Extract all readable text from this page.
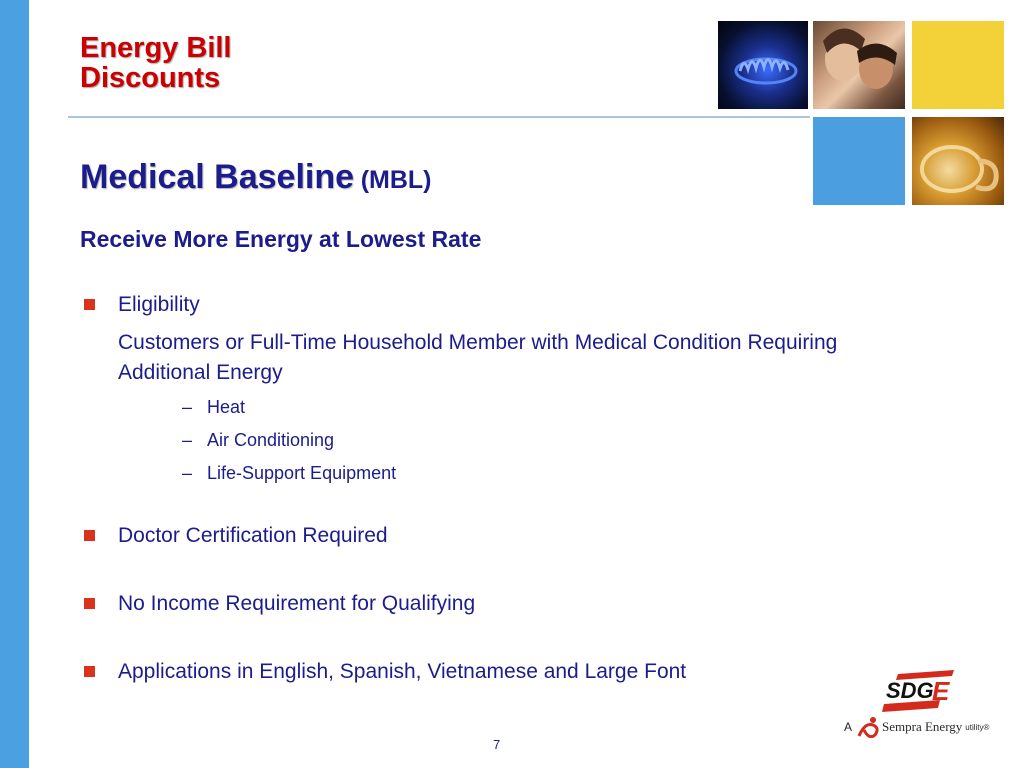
Energy Bill
Discounts
Medical Baseline (MBL)
Receive More Energy at Lowest Rate
Eligibility
Customers or Full-Time Household Member with Medical Condition Requiring Additional Energy
– Heat
– Air Conditioning
– Life-Support Equipment
Doctor Certification Required
No Income Requirement for Qualifying
Applications in English, Spanish, Vietnamese and Large Font
7
SDG
E
A Sempra Energy utility®
